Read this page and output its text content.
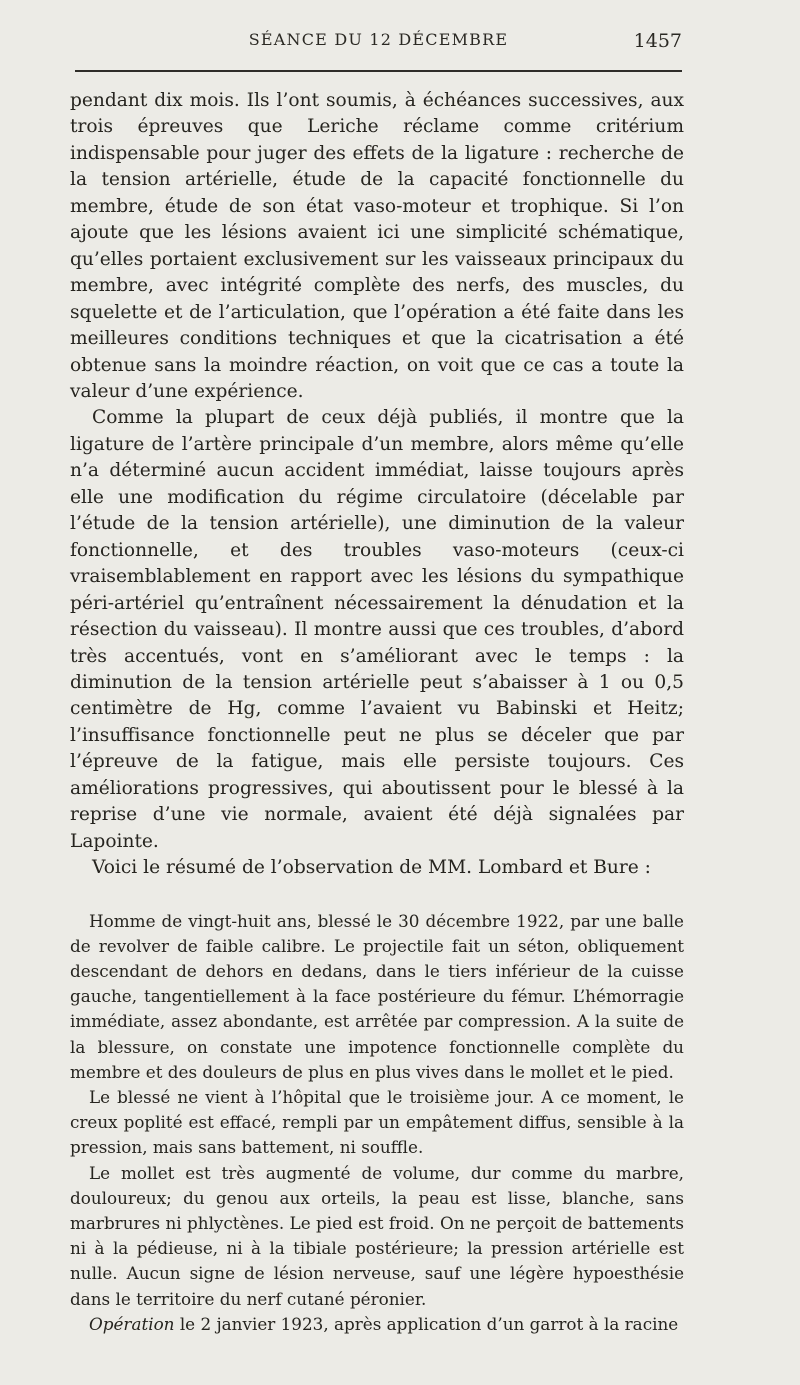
SÉANCE DU 12 DÉCEMBRE	1457

pendant dix mois. Ils l’ont soumis, à échéances successives, aux trois épreuves que Leriche réclame comme critérium indispensable pour juger des effets de la ligature : recherche de la tension artérielle, étude de la capacité fonctionnelle du membre, étude de son état vaso-moteur et trophique. Si l’on ajoute que les lésions avaient ici une simplicité schématique, qu’elles portaient exclusivement sur les vaisseaux principaux du membre, avec intégrité complète des nerfs, des muscles, du squelette et de l’articulation, que l’opération a été faite dans les meilleures conditions techniques et que la cicatrisation a été obtenue sans la moindre réaction, on voit que ce cas a toute la valeur d’une expérience.

Comme la plupart de ceux déjà publiés, il montre que la ligature de l’artère principale d’un membre, alors même qu’elle n’a déterminé aucun accident immédiat, laisse toujours après elle une modification du régime circulatoire (décelable par l’étude de la tension artérielle), une diminution de la valeur fonctionnelle, et des troubles vaso-moteurs (ceux-ci vraisemblablement en rapport avec les lésions du sympathique péri-artériel qu’entraînent nécessairement la dénudation et la résection du vaisseau). Il montre aussi que ces troubles, d’abord très accentués, vont en s’améliorant avec le temps : la diminution de la tension artérielle peut s’abaisser à 1 ou 0,5 centimètre de Hg, comme l’avaient vu Babinski et Heitz; l’insuffisance fonctionnelle peut ne plus se déceler que par l’épreuve de la fatigue, mais elle persiste toujours. Ces améliorations progressives, qui aboutissent pour le blessé à la reprise d’une vie normale, avaient été déjà signalées par Lapointe.

Voici le résumé de l’observation de MM. Lombard et Bure :

Homme de vingt-huit ans, blessé le 30 décembre 1922, par une balle de revolver de faible calibre. Le projectile fait un séton, obliquement descendant de dehors en dedans, dans le tiers inférieur de la cuisse gauche, tangentiellement à la face postérieure du fémur. L’hémorragie immédiate, assez abondante, est arrêtée par compression. A la suite de la blessure, on constate une impotence fonctionnelle complète du membre et des douleurs de plus en plus vives dans le mollet et le pied.

Le blessé ne vient à l’hôpital que le troisième jour. A ce moment, le creux poplité est effacé, rempli par un empâtement diffus, sensible à la pression, mais sans battement, ni souffle.

Le mollet est très augmenté de volume, dur comme du marbre, douloureux; du genou aux orteils, la peau est lisse, blanche, sans marbrures ni phlyctènes. Le pied est froid. On ne perçoit de battements ni à la pédieuse, ni à la tibiale postérieure; la pression artérielle est nulle. Aucun signe de lésion nerveuse, sauf une légère hypoesthésie dans le territoire du nerf cutané péronier.

Opération le 2 janvier 1923, après application d’un garrot à la racine
